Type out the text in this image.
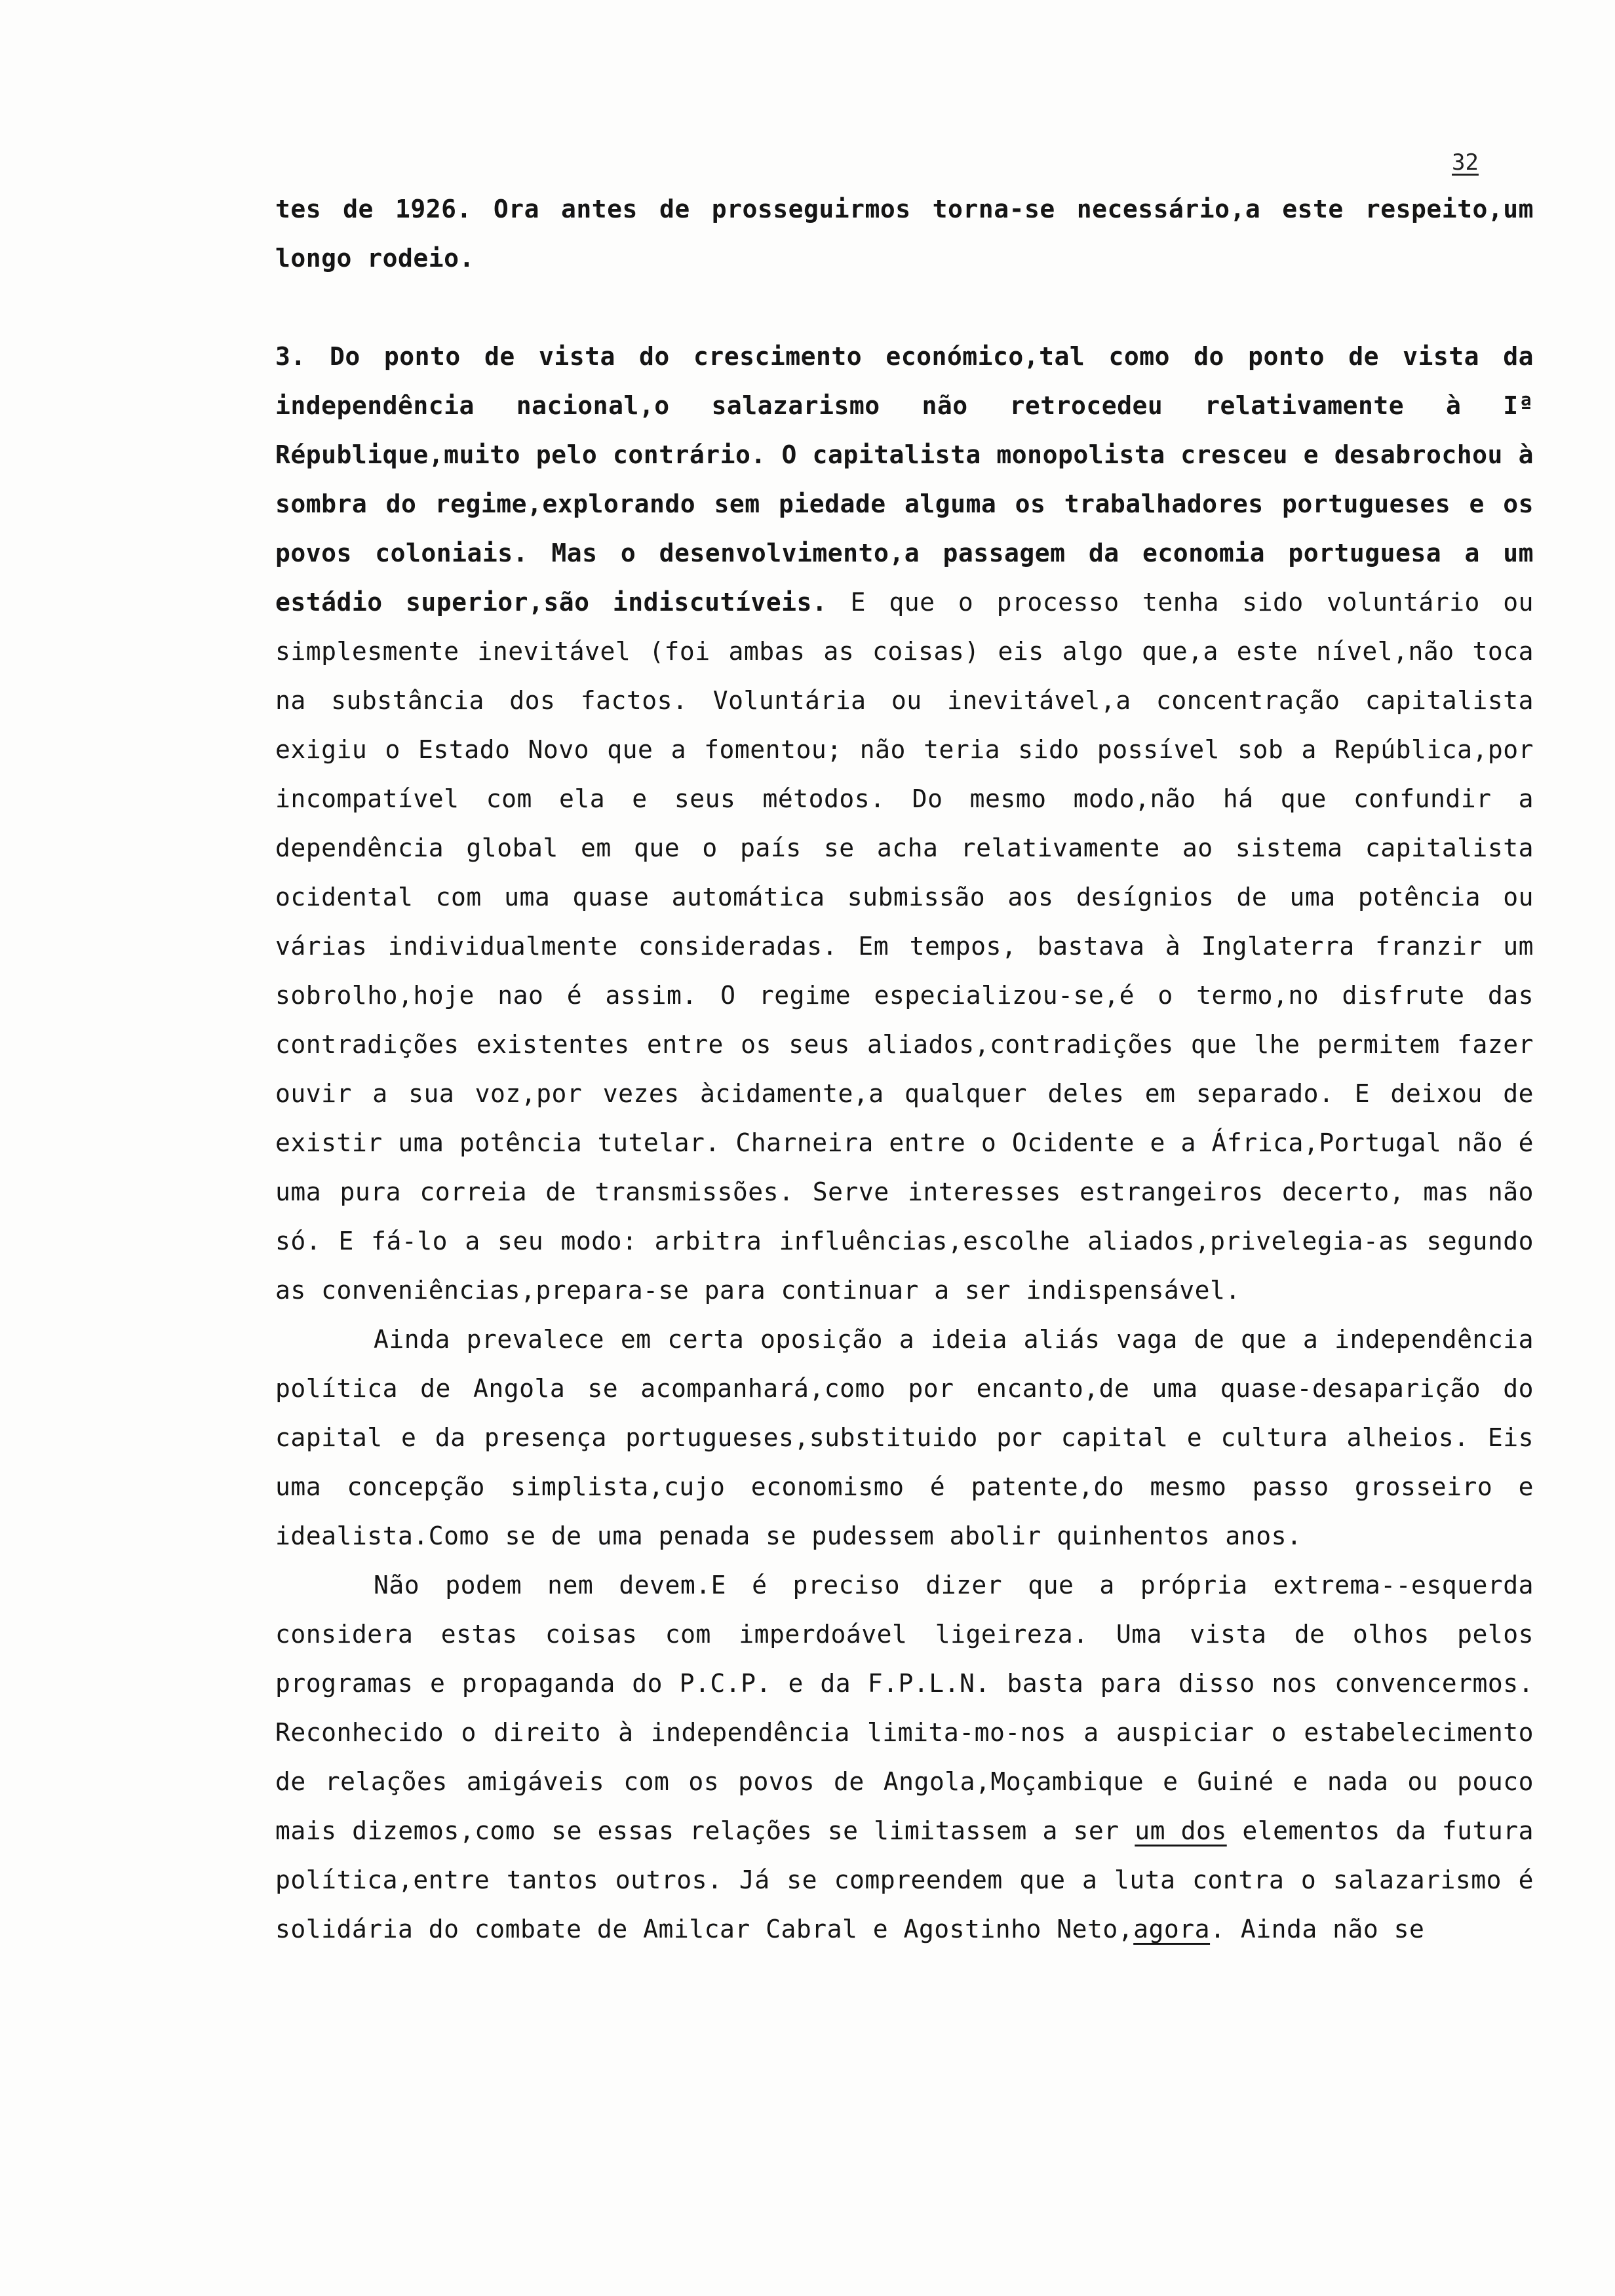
32

tes de 1926. Ora antes de prosseguirmos torna-se necessário,a este respeito,um longo rodeio.

3. Do ponto de vista do crescimento económico,tal como do ponto de vista da independência nacional,o salazarismo não retrocedeu relativamente à Iª République,muito pelo contrário. O capitalista monopolista cresceu e desabrochou à sombra do regime,explorando sem piedade alguma os trabalhadores portugueses e os povos coloniais. Mas o desenvolvimento,a passagem da economia portuguesa a um estádio superior,são indiscutíveis. E que o processo tenha sido voluntário ou simplesmente inevitável (foi ambas as coisas) eis algo que,a este nível,não toca na substância dos factos. Voluntária ou inevitável,a concentração capitalista exigiu o Estado Novo que a fomentou; não teria sido possível sob a República,por incompatível com ela e seus métodos. Do mesmo modo,não há que confundir a dependência global em que o país se acha relativamente ao sistema capitalista ocidental com uma quase automática submissão aos desígnios de uma potência ou várias individualmente consideradas. Em tempos, bastava à Inglaterra franzir um sobrolho,hoje nao é assim. O regime especializou-se,é o termo,no disfrute das contradições existentes entre os seus aliados,contradições que lhe permitem fazer ouvir a sua voz,por vezes àcidamente,a qualquer deles em separado. E deixou de existir uma potência tutelar. Charneira entre o Ocidente e a África,Portugal não é uma pura correia de transmissões. Serve interesses estrangeiros decerto, mas não só. E fá-lo a seu modo: arbitra influências,escolhe aliados,privelegia-as segundo as conveniências,prepara-se para continuar a ser indispensável.

Ainda prevalece em certa oposição a ideia aliás vaga de que a independência política de Angola se acompanhará,como por encanto,de uma quase-desaparição do capital e da presença portugueses,substituido por capital e cultura alheios. Eis uma concepção simplista,cujo economismo é patente,do mesmo passo grosseiro e idealista.Como se de uma penada se pudessem abolir quinhentos anos.

Não podem nem devem.E é preciso dizer que a própria extrema--esquerda considera estas coisas com imperdoável ligeireza. Uma vista de olhos pelos programas e propaganda do P.C.P. e da F.P.L.N. basta para disso nos convencermos. Reconhecido o direito à independência limita-mo-nos a auspiciar o estabelecimento de relações amigáveis com os povos de Angola,Moçambique e Guiné e nada ou pouco mais dizemos,como se essas relações se limitassem a ser um dos elementos da futura política,entre tantos outros. Já se compreendem que a luta contra o salazarismo é solidária do combate de Amilcar Cabral e Agostinho Neto,agora. Ainda não se
